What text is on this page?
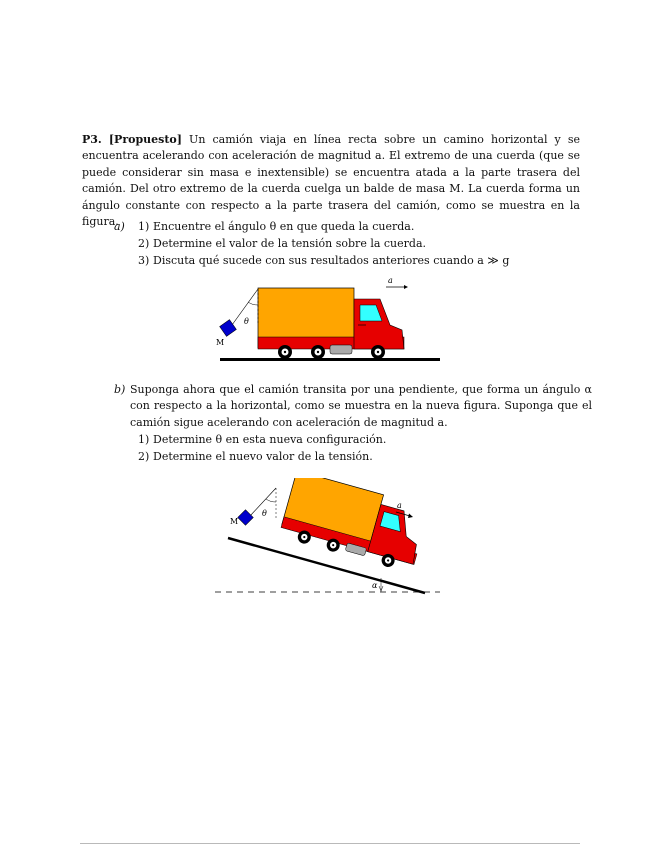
P3. [Propuesto] Un camión viaja en línea recta sobre un camino horizontal y se encuentra acelerando con aceleración de magnitud a. El extremo de una cuerda (que se puede considerar sin masa e inextensible) se encuentra atada a la parte trasera del camión. Del otro extremo de la cuerda cuelga un balde de masa M. La cuerda forma un ángulo constante con respecto a la parte trasera del camión, como se muestra en la figura.
a) 1) Encuentre el ángulo θ en que queda la cuerda.
2) Determine el valor de la tensión sobre la cuerda.
3) Discuta qué sucede con sus resultados anteriores cuando a ≫ g
θ
M
a
b) Suponga ahora que el camión transita por una pendiente, que forma un ángulo α con respecto a la horizontal, como se muestra en la nueva figura. Suponga que el camión sigue acelerando con aceleración de magnitud a.
1) Determine θ en esta nueva configuración.
2) Determine el nuevo valor de la tensión.
θ
M
a
α
